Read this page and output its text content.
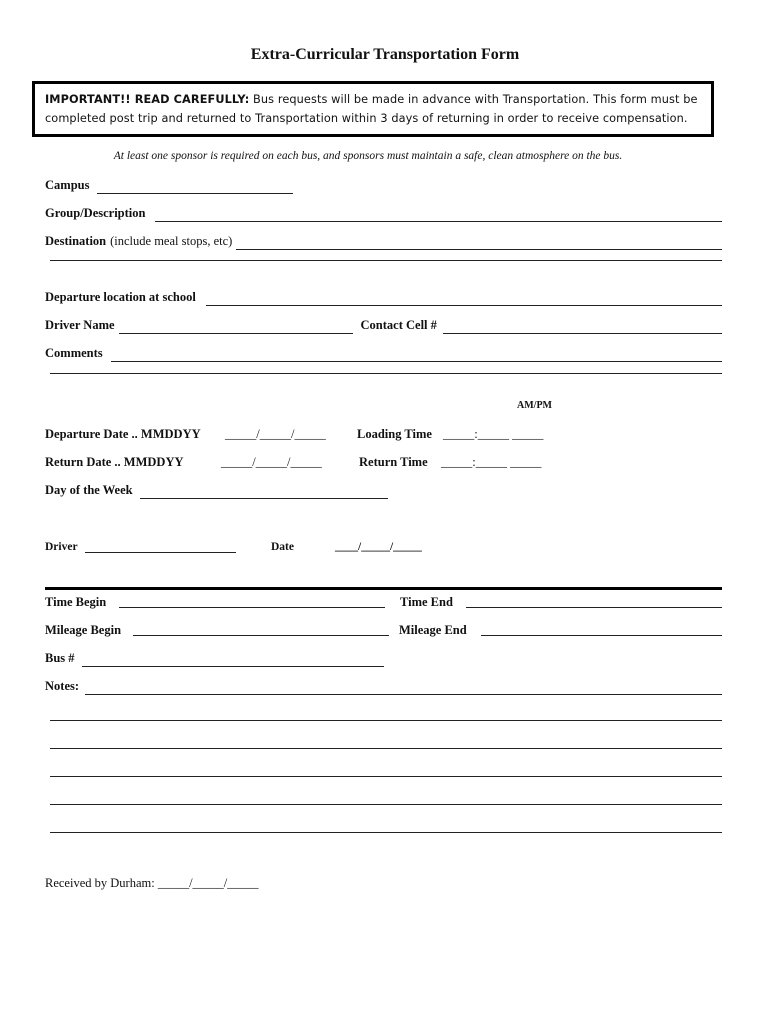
Extra-Curricular Transportation Form
IMPORTANT!! READ CAREFULLY: Bus requests will be made in advance with Transportation. This form must be completed post trip and returned to Transportation within 3 days of returning in order to receive compensation.
At least one sponsor is required on each bus, and sponsors must maintain a safe, clean atmosphere on the bus.
Campus
Group/Description
Destination (include meal stops, etc)
Departure location at school
Driver Name	Contact Cell #
Comments
AM/PM
Departure Date .. MMDDYY _____/_____/_____	Loading Time _____:_____ _____
Return Date .. MMDDYY	_____/_____/_____	Return Time _____:_____ _____
Day of the Week
Driver	Date	____/_____/_____
Time Begin	Time End
Mileage Begin	Mileage End
Bus #
Notes:
Received by Durham: _____/_____/_____
